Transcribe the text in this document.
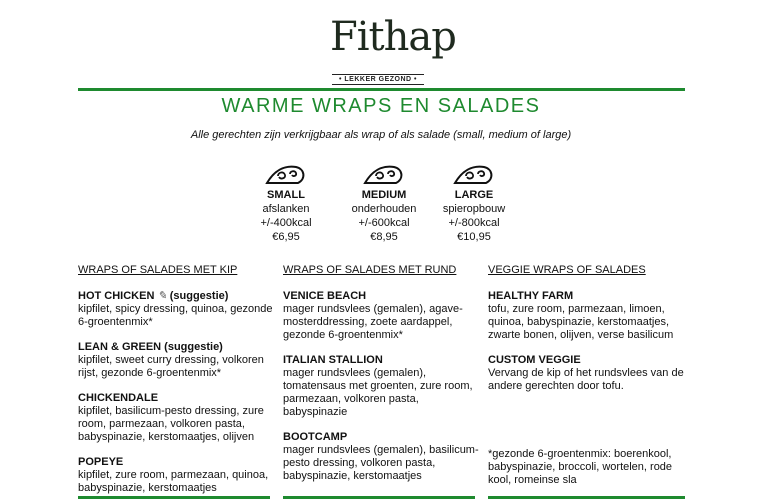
Fithap
• LEKKER GEZOND •
WARME WRAPS EN SALADES
Alle gerechten zijn verkrijgbaar als wrap of als salade (small, medium of large)
SMALL
afslanken
+/-400kcal
€6,95
MEDIUM
onderhouden
+/-600kcal
€8,95
LARGE
spieropbouw
+/-800kcal
€10,95
WRAPS OF SALADES MET KIP
HOT CHICKEN ✎ (suggestie)
kipfilet, spicy dressing, quinoa, gezonde 6-groentenmix*
LEAN & GREEN (suggestie)
kipfilet, sweet curry dressing, volkoren rijst, gezonde 6-groentenmix*
CHICKENDALE
kipfilet, basilicum-pesto dressing, zure room, parmezaan, volkoren pasta, babyspinazie, kerstomaatjes, olijven
POPEYE
kipfilet, zure room, parmezaan, quinoa, babyspinazie, kerstomaatjes
WRAPS OF SALADES MET RUND
VENICE BEACH
mager rundsvlees (gemalen), agave-mosterddressing, zoete aardappel, gezonde 6-groentenmix*
ITALIAN STALLION
mager rundsvlees (gemalen), tomatensaus met groenten, zure room, parmezaan, volkoren pasta, babyspinazie
BOOTCAMP
mager rundsvlees (gemalen), basilicum-pesto dressing, volkoren pasta, babyspinazie, kerstomaatjes
VEGGIE WRAPS OF SALADES
HEALTHY FARM
tofu, zure room, parmezaan, limoen, quinoa, babyspinazie, kerstomaatjes, zwarte bonen, olijven, verse basilicum
CUSTOM VEGGIE
Vervang de kip of het rundsvlees van de andere gerechten door tofu.
*gezonde 6-groentenmix: boerenkool, babyspinazie, broccoli, wortelen, rode kool, romeinse sla
